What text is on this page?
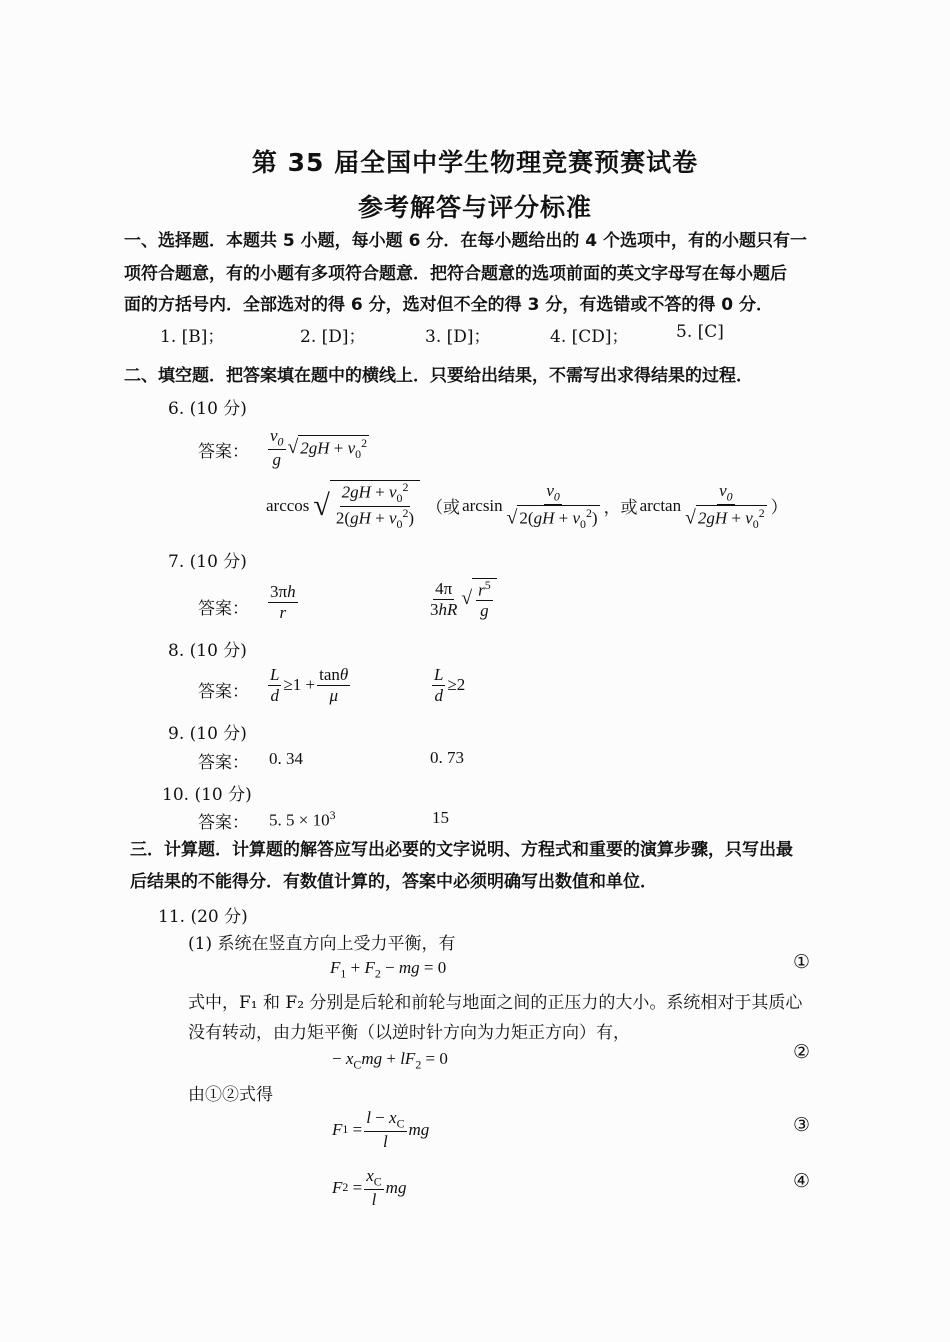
第 35 届全国中学生物理竞赛预赛试卷
参考解答与评分标准
一、选择题．本题共 5 小题，每小题 6 分．在每小题给出的 4 个选项中，有的小题只有一
项符合题意，有的小题有多项符合题意．把符合题意的选项前面的英文字母写在每小题后
面的方括号内．全部选对的得 6 分，选对但不全的得 3 分，有选错或不答的得 0 分．
1. [B]；	2. [D]；	3. [D]；	4. [CD]；	5. [C]
二、填空题．把答案填在题中的横线上．只要给出结果，不需写出求得结果的过程．
6. (10 分)
答案： $\frac{v_0}{g}$ √ $2gH + v_0^2$
arccos √ $\frac{2gH + v_0^2}{2(gH + v_0^2)}$ （或 $\arcsin \frac{v_0}{√ 2(gH + v_0^2)}$ ，或 $\arctan \frac{v_0}{√ 2gH + v_0^2}$ ）
7. (10 分)
答案： $\frac{3\pi h}{r}$	$\frac{4\pi}{3hR}$ √ $\frac{r^5}{g}$
8. (10 分)
答案： $\frac{L}{d} \ge 1 + \frac{\tan\theta}{\mu}$	$\frac{L}{d} \ge 2$
9. (10 分)
答案： 0. 34	0. 73
10. (10 分)
答案： 5. $5 \times 10^3$	15
三．计算题．计算题的解答应写出必要的文字说明、方程式和重要的演算步骤，只写出最
后结果的不能得分．有数值计算的，答案中必须明确写出数值和单位．
11. (20 分)
(1) 系统在竖直方向上受力平衡，有
$F_1 + F_2$ − mg = 0	①
式中，F₁ 和 F₂ 分别是后轮和前轮与地面之间的正压力的大小。系统相对于其质心
没有转动，由力矩平衡（以逆时针方向为力矩正方向）有，
− $x_Cmg + lF_2 = 0$	②
由①②式得
F $1 = \frac{l - x_C}{l}$ mg	③
F $2 = \frac{x_C}{l}$ mg	④
